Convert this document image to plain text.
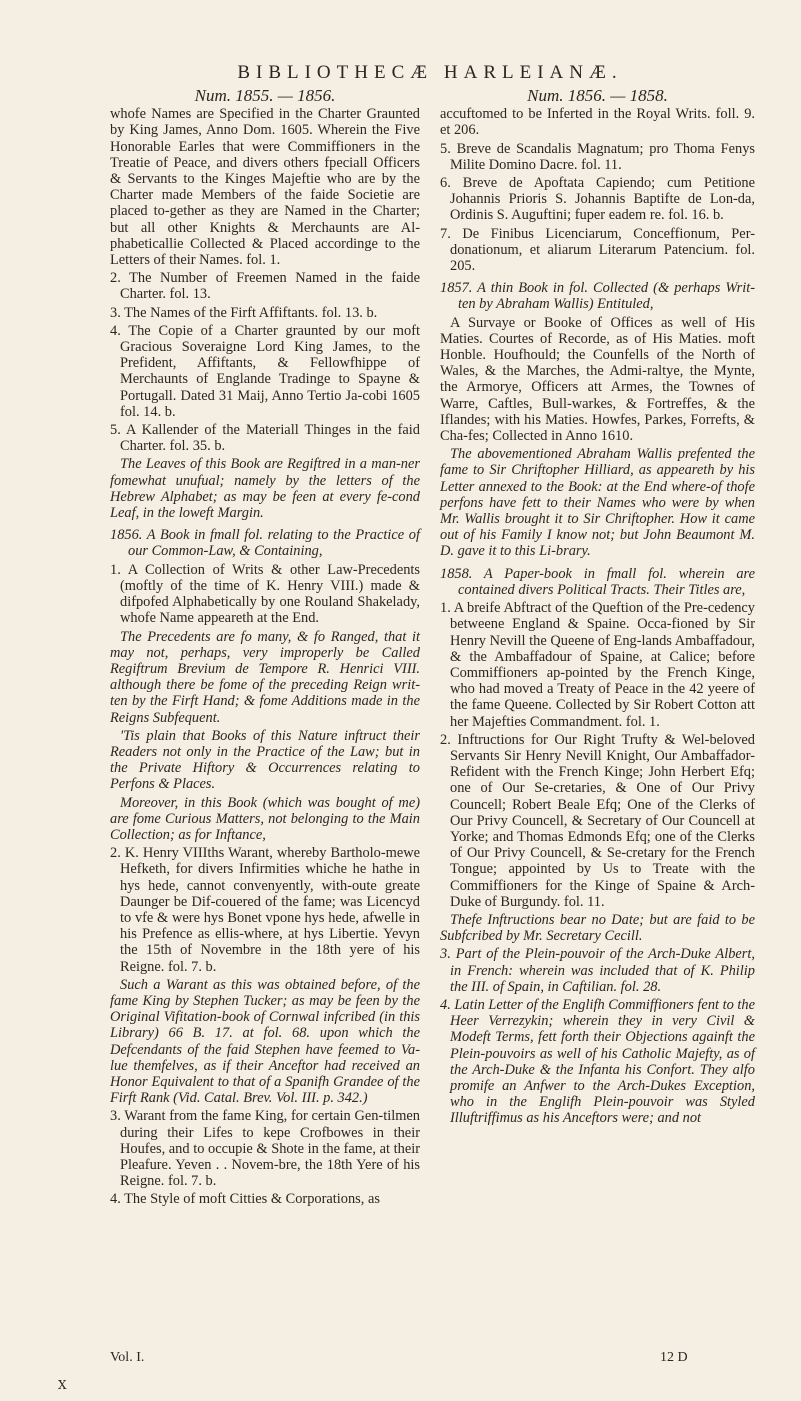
BIBLIOTHECÆ HARLEIANÆ.
Num. 1855. — 1856.

whofe Names are Specified in the Charter Graunted by King James, Anno Dom. 1605. Wherein the Five Honorable Earles that were Commiffioners in the Treatie of Peace, and divers others fpeciall Officers & Servants to the Kinges Majeftie who are by the Charter made Members of the faide Societie are placed to-gether as they are Named in the Charter; but all other Knights & Merchaunts are Al-phabeticallie Collected & Placed accordinge to the Letters of their Names. fol. 1.

2. The Number of Freemen Named in the faide Charter. fol. 13.

3. The Names of the Firft Affiftants. fol. 13. b.

4. The Copie of a Charter graunted by our moft Gracious Soveraigne Lord King James, to the Prefident, Affiftants, & Fellowfhippe of Merchaunts of Englande Tradinge to Spayne & Portugall. Dated 31 Maij, Anno Tertio Ja-cobi 1605 fol. 14. b.

5. A Kallender of the Materiall Thinges in the faid Charter. fol. 35. b.

The Leaves of this Book are Regiftred in a man-ner fomewhat unufual; namely by the letters of the Hebrew Alphabet; as may be feen at every fe-cond Leaf, in the loweft Margin.

1856. A Book in fmall fol. relating to the Practice of our Common-Law, & Containing,

1. A Collection of Writs & other Law-Precedents (moftly of the time of K. Henry VIII.) made & difpofed Alphabetically by one Rouland Shakelady, whofe Name appeareth at the End.

The Precedents are fo many, & fo Ranged, that it may not, perhaps, very improperly be Called Regiftrum Brevium de Tempore R. Henrici VIII. although there be fome of the preceding Reign writ-ten by the Firft Hand; & fome Additions made in the Reigns Subfequent.

'Tis plain that Books of this Nature inftruct their Readers not only in the Practice of the Law; but in the Private Hiftory & Occurrences relating to Perfons & Places.

Moreover, in this Book (which was bought of me) are fome Curious Matters, not belonging to the Main Collection; as for Inftance,

2. K. Henry VIIIths Warant, whereby Bartholo-mewe Hefketh, for divers Infirmities whiche he hathe in hys hede, cannot convenyently, with-oute greate Daunger be Dif-couered of the fame; was Licencyd to vfe & were hys Bonet vpone hys hede, afwelle in his Prefence as ellis-where, at hys Libertie. Yevyn the 15th of Novembre in the 18th yere of his Reigne. fol. 7. b.

Such a Warant as this was obtained before, of the fame King by Stephen Tucker; as may be feen by the Original Vifitation-book of Cornwal infcribed (in this Library) 66 B. 17. at fol. 68. upon which the Defcendants of the faid Stephen have feemed to Va-lue themfelves, as if their Anceftor had received an Honor Equivalent to that of a Spanifh Grandee of the Firft Rank (Vid. Catal. Brev. Vol. III. p. 342.)

3. Warant from the fame King, for certain Gen-tilmen during their Lifes to kepe Crofbowes in their Houfes, and to occupie & Shote in the fame, at their Pleafure. Yeven . . Novem-bre, the 18th Yere of his Reigne. fol. 7. b.

4. The Style of moft Citties & Corporations, as

Num. 1856. — 1858.

accuftomed to be Inferted in the Royal Writs. foll. 9. et 206.

5. Breve de Scandalis Magnatum; pro Thoma Fenys Milite Domino Dacre. fol. 11.

6. Breve de Apoftata Capiendo; cum Petitione Johannis Prioris S. Johannis Baptifte de Lon-da, Ordinis S. Auguftini; fuper eadem re. fol. 16. b.

7. De Finibus Licenciarum, Conceffionum, Per-donationum, et aliarum Literarum Patencium. fol. 205.

1857. A thin Book in fol. Collected (& perhaps Writ-ten by Abraham Wallis) Entituled,

A Survaye or Booke of Offices as well of His Maties. Courtes of Recorde, as of His Maties. moft Honble. Houfhould; the Counfells of the North of Wales, & the Marches, the Admi-raltye, the Mynte, the Armorye, Officers att Armes, the Townes of Warre, Caftles, Bull-warkes, & Fortreffes, & the Iflandes; with his Maties. Howfes, Parkes, Forrefts, & Cha-fes; Collected in Anno 1610.

The abovementioned Abraham Wallis prefented the fame to Sir Chriftopher Hilliard, as appeareth by his Letter annexed to the Book: at the End where-of thofe perfons have fett to their Names who were by when Mr. Wallis brought it to Sir Chriftopher. How it came out of his Family I know not; but John Beaumont M. D. gave it to this Li-brary.

1858. A Paper-book in fmall fol. wherein are contained divers Political Tracts. Their Titles are,

1. A breife Abftract of the Queftion of the Pre-cedency betweene England & Spaine. Occa-fioned by Sir Henry Nevill the Queene of Eng-lands Ambaffadour, & the Ambaffadour of Spaine, at Calice; before Commiffioners ap-pointed by the French Kinge, who had moved a Treaty of Peace in the 42 yeere of the fame Queene. Collected by Sir Robert Cotton att her Majefties Commandment. fol. 1.

2. Inftructions for Our Right Trufty & Wel-beloved Servants Sir Henry Nevill Knight, Our Ambaffador-Refident with the French Kinge; John Herbert Efq; one of Our Se-cretaries, & One of Our Privy Councell; Robert Beale Efq; One of the Clerks of Our Privy Councell, & Secretary of Our Councell at Yorke; and Thomas Edmonds Efq; one of the Clerks of Our Privy Councell, & Se-cretary for the French Tongue; appointed by Us to Treate with the Commiffioners for the Kinge of Spaine & Arch-Duke of Burgundy. fol. 11.

Thefe Inftructions bear no Date; but are faid to be Subfcribed by Mr. Secretary Cecill.

3. Part of the Plein-pouvoir of the Arch-Duke Albert, in French: wherein was included that of K. Philip the III. of Spain, in Caftilian. fol. 28.

4. Latin Letter of the Englifh Commiffioners fent to the Heer Verrezykin; wherein they in very Civil & Modeft Terms, fett forth their Objections againft the Plein-pouvoirs as well of his Catholic Majefty, as of the Arch-Duke & the Infanta his Confort. They alfo promife an Anfwer to the Arch-Dukes Exception, who in the Englifh Plein-pouvoir was Styled Illuftriffimus as his Anceftors were; and not

Vol. I.	12 D
X
